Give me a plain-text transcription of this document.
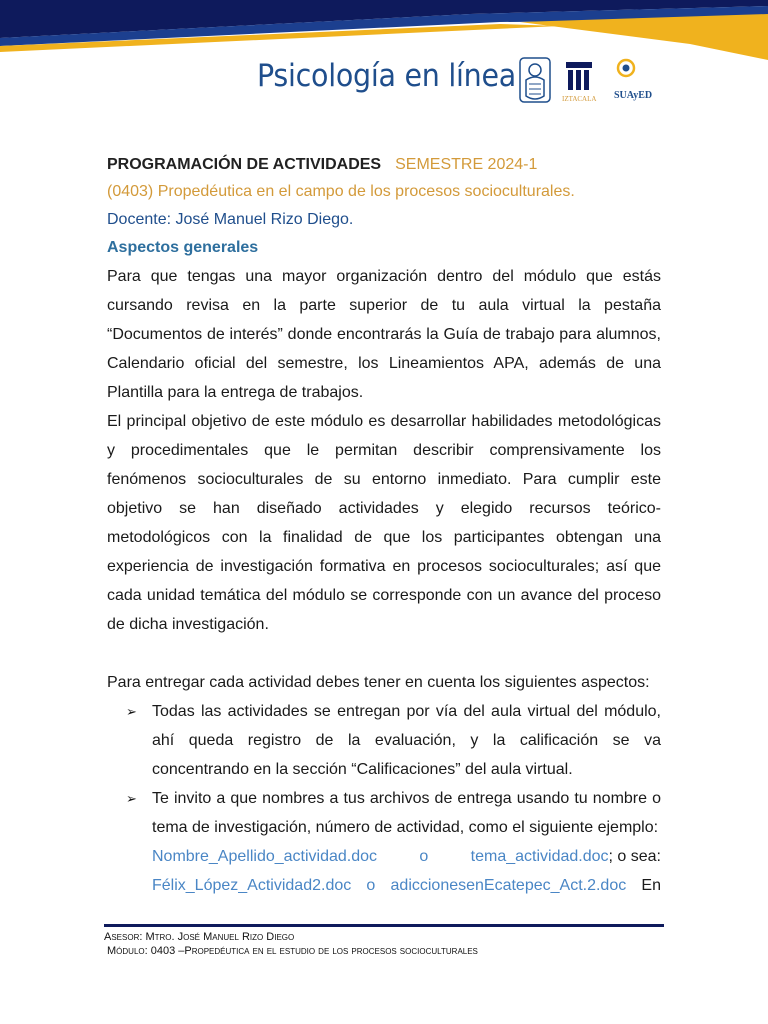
Psicología en línea
IZTACALA SUAyED
PROGRAMACIÓN DE ACTIVIDADES SEMESTRE 2024-1
(0403) Propedéutica en el campo de los procesos socioculturales.
Docente: José Manuel Rizo Diego.
Aspectos generales

Para que tengas una mayor organización dentro del módulo que estás cursando revisa en la parte superior de tu aula virtual la pestaña “Documentos de interés” donde encontrarás la Guía de trabajo para alumnos, Calendario oficial del semestre, los Lineamientos APA, además de una Plantilla para la entrega de trabajos.

El principal objetivo de este módulo es desarrollar habilidades metodológicas y procedimentales que le permitan describir comprensivamente los fenómenos socioculturales de su entorno inmediato. Para cumplir este objetivo se han diseñado actividades y elegido recursos teórico-metodológicos con la finalidad de que los participantes obtengan una experiencia de investigación formativa en procesos socioculturales; así que cada unidad temática del módulo se corresponde con un avance del proceso de dicha investigación.

Para entregar cada actividad debes tener en cuenta los siguientes aspectos:

➢ Todas las actividades se entregan por vía del aula virtual del módulo, ahí queda registro de la evaluación, y la calificación se va concentrando en la sección “Calificaciones” del aula virtual.
➢ Te invito a que nombres a tus archivos de entrega usando tu nombre o tema de investigación, número de actividad, como el siguiente ejemplo:
Nombre_Apellido_actividad.doc	o	tema_actividad.doc; o sea:
Félix_López_Actividad2.doc o adiccionesenEcatepec_Act.2.doc En
Asesor: Mtro. José Manuel Rizo Diego
Módulo: 0403 –Propedéutica en el estudio de los procesos socioculturales
